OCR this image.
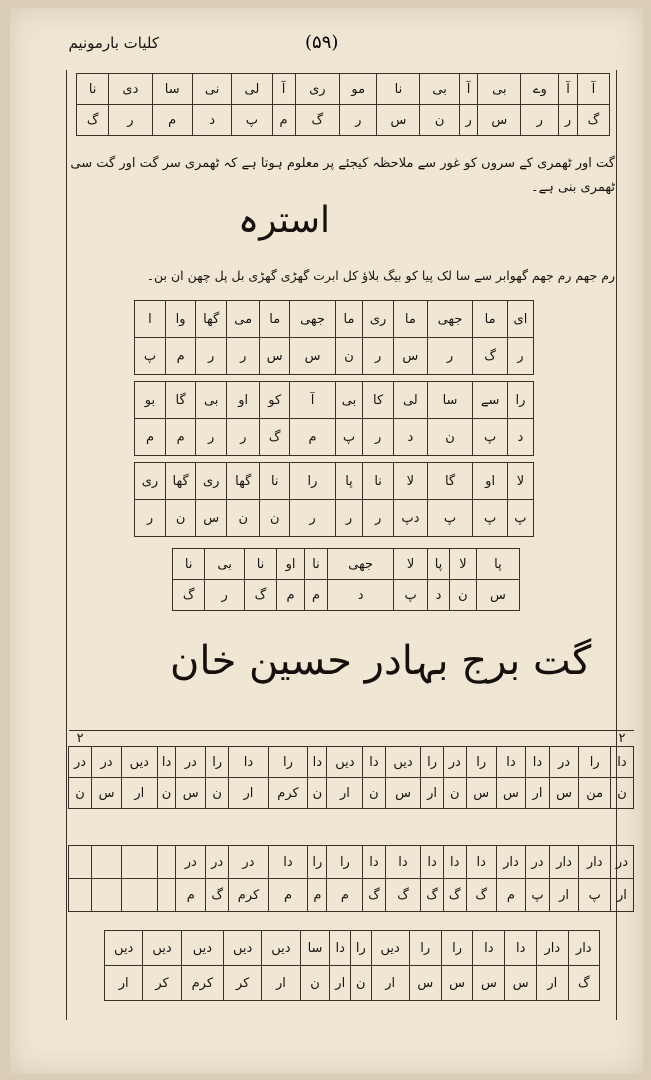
کلیات بارمونیم	(۵۹)
آ	آ	وے	بی	آ	بی	نا	مو	ری	آ	لی	نی	سا	دی	نا
گ	ر	ر	س	ر	ن	س	ر	گ	م	پ	د	م	ر	گ
گت اور ٹھمری کے سروں کو غور سے ملاحظہ کیجئے پر معلوم ہوتا ہے کہ ٹھمری سر گت اور گت سی ٹھمری بنی ہے۔
استرہ
رم جھم رم جھم گھوابر سے سا لک پیا کو بیگ بلاؤ کل ابرت گھڑی گھڑی بل پل چھن ان بن۔
ای	ما	جھی	ما	ری	ما	جھی	ما	می	گھا	وا	ا
ر	گ	ر	س	ر	ن	س	س	ر	ر	م	پ

را	سے	سا	لی	کا	بی	آ	کو	او	بی	گا	بو
د	پ	ن	د	ر	پ	م	گ	ر	ر	م	م

لا	او	گا	لا	نا	پا	را	نا	گھا	ری	گھا	ری
پ	پ	پ	دپ	ر	ر	ر	ن	ن	س	ن	ر
پا	لا	پا	لا	جھی	نا	او	نا	بی	نا
س	ن	د	پ	د	م	م	گ	ر	گ
گت برج بہادر حسین خان
۲																			۲
دا	را	در	دا	دا	را	در	را	دیں	دا	دیں	دا	را	دا	را	در	دا	دیں	در	در
ن	من	س	ار	س	س	ن	ار	س	ن	ار	ن	کرم	ار	ن	س	ن	ار	س	ن

در	دار	دار	در	دار	دا	دا	دا	دا	دا	را	را	دا	در	در	در				
ار	پ	ار	پ	م	گ	گ	گ	گ	گ	م	م	م	کرم	گ	م				
دار	دار	دا	دا	را	را	دیں	را	دا	سا	دیں	دیں	دیں	دیں	دیں
گ	ار	س	س	س	س	ار	ن	ار	ن	ار	کر	کرم	کر	ار
